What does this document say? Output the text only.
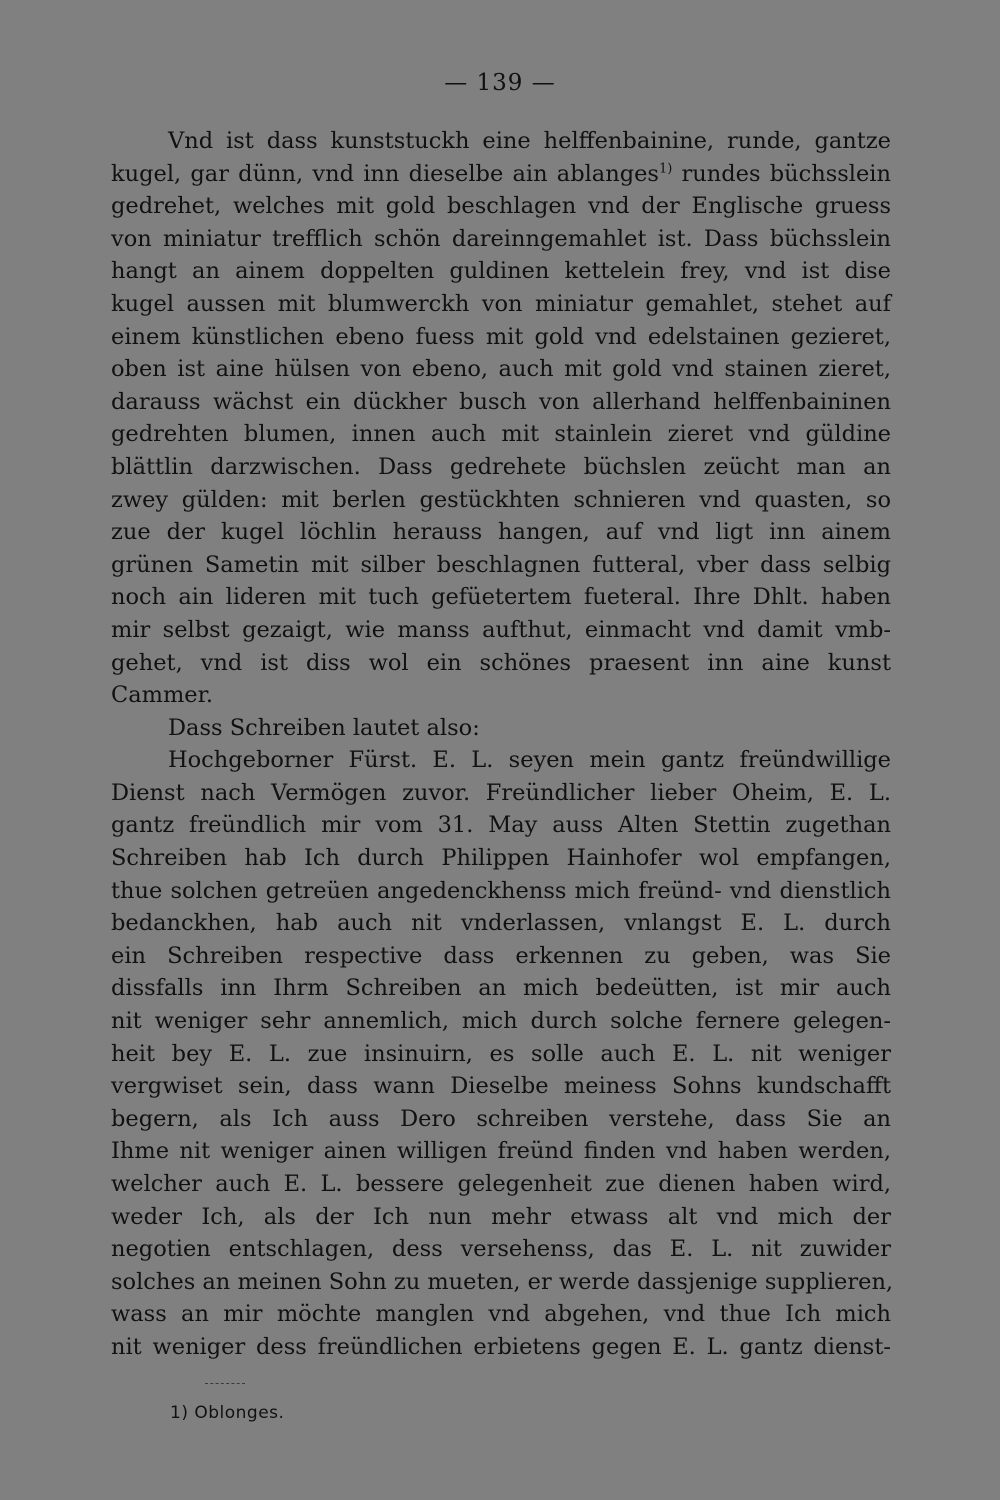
— 139 —
Vnd ist dass kunststuckh eine helffenbainine, runde, gantze
kugel, gar dünn, vnd inn dieselbe ain ablanges$^{1)}$ rundes büchsslein
gedrehet, welches mit gold beschlagen vnd der Englische gruess
von miniatur trefflich schön dareinngemahlet ist. Dass büchsslein
hangt an ainem doppelten guldinen kettelein frey, vnd ist dise
kugel aussen mit blumwerckh von miniatur gemahlet, stehet auf
einem künstlichen ebeno fuess mit gold vnd edelstainen gezieret,
oben ist aine hülsen von ebeno, auch mit gold vnd stainen zieret,
darauss wächst ein dückher busch von allerhand helffenbaininen
gedrehten blumen, innen auch mit stainlein zieret vnd güldine
blättlin darzwischen. Dass gedrehete büchslen zeücht man an
zwey gülden: mit berlen gestückhten schnieren vnd quasten, so
zue der kugel löchlin herauss hangen, auf vnd ligt inn ainem
grünen Sametin mit silber beschlagnen futteral, vber dass selbig
noch ain lideren mit tuch gefüetertem fueteral. Ihre Dhlt. haben
mir selbst gezaigt, wie manss aufthut, einmacht vnd damit vmb-
gehet, vnd ist diss wol ein schönes praesent inn aine kunst
Cammer.
Dass Schreiben lautet also:
Hochgeborner Fürst. E. L. seyen mein gantz freündwillige
Dienst nach Vermögen zuvor. Freündlicher lieber Oheim, E. L.
gantz freündlich mir vom 31. May auss Alten Stettin zugethan
Schreiben hab Ich durch Philippen Hainhofer wol empfangen,
thue solchen getreüen angedenckhenss mich freünd- vnd dienstlich
bedanckhen, hab auch nit vnderlassen, vnlangst E. L. durch
ein Schreiben respective dass erkennen zu geben, was Sie
dissfalls inn Ihrm Schreiben an mich bedeütten, ist mir auch
nit weniger sehr annemlich, mich durch solche fernere gelegen-
heit bey E. L. zue insinuirn, es solle auch E. L. nit weniger
vergwiset sein, dass wann Dieselbe meiness Sohns kundschafft
begern, als Ich auss Dero schreiben verstehe, dass Sie an
Ihme nit weniger ainen willigen freünd finden vnd haben werden,
welcher auch E. L. bessere gelegenheit zue dienen haben wird,
weder Ich, als der Ich nun mehr etwass alt vnd mich der
negotien entschlagen, dess versehenss, das E. L. nit zuwider
solches an meinen Sohn zu mueten, er werde dassjenige supplieren,
wass an mir möchte manglen vnd abgehen, vnd thue Ich mich
nit weniger dess freündlichen erbietens gegen E. L. gantz dienst-
1) Oblonges.
